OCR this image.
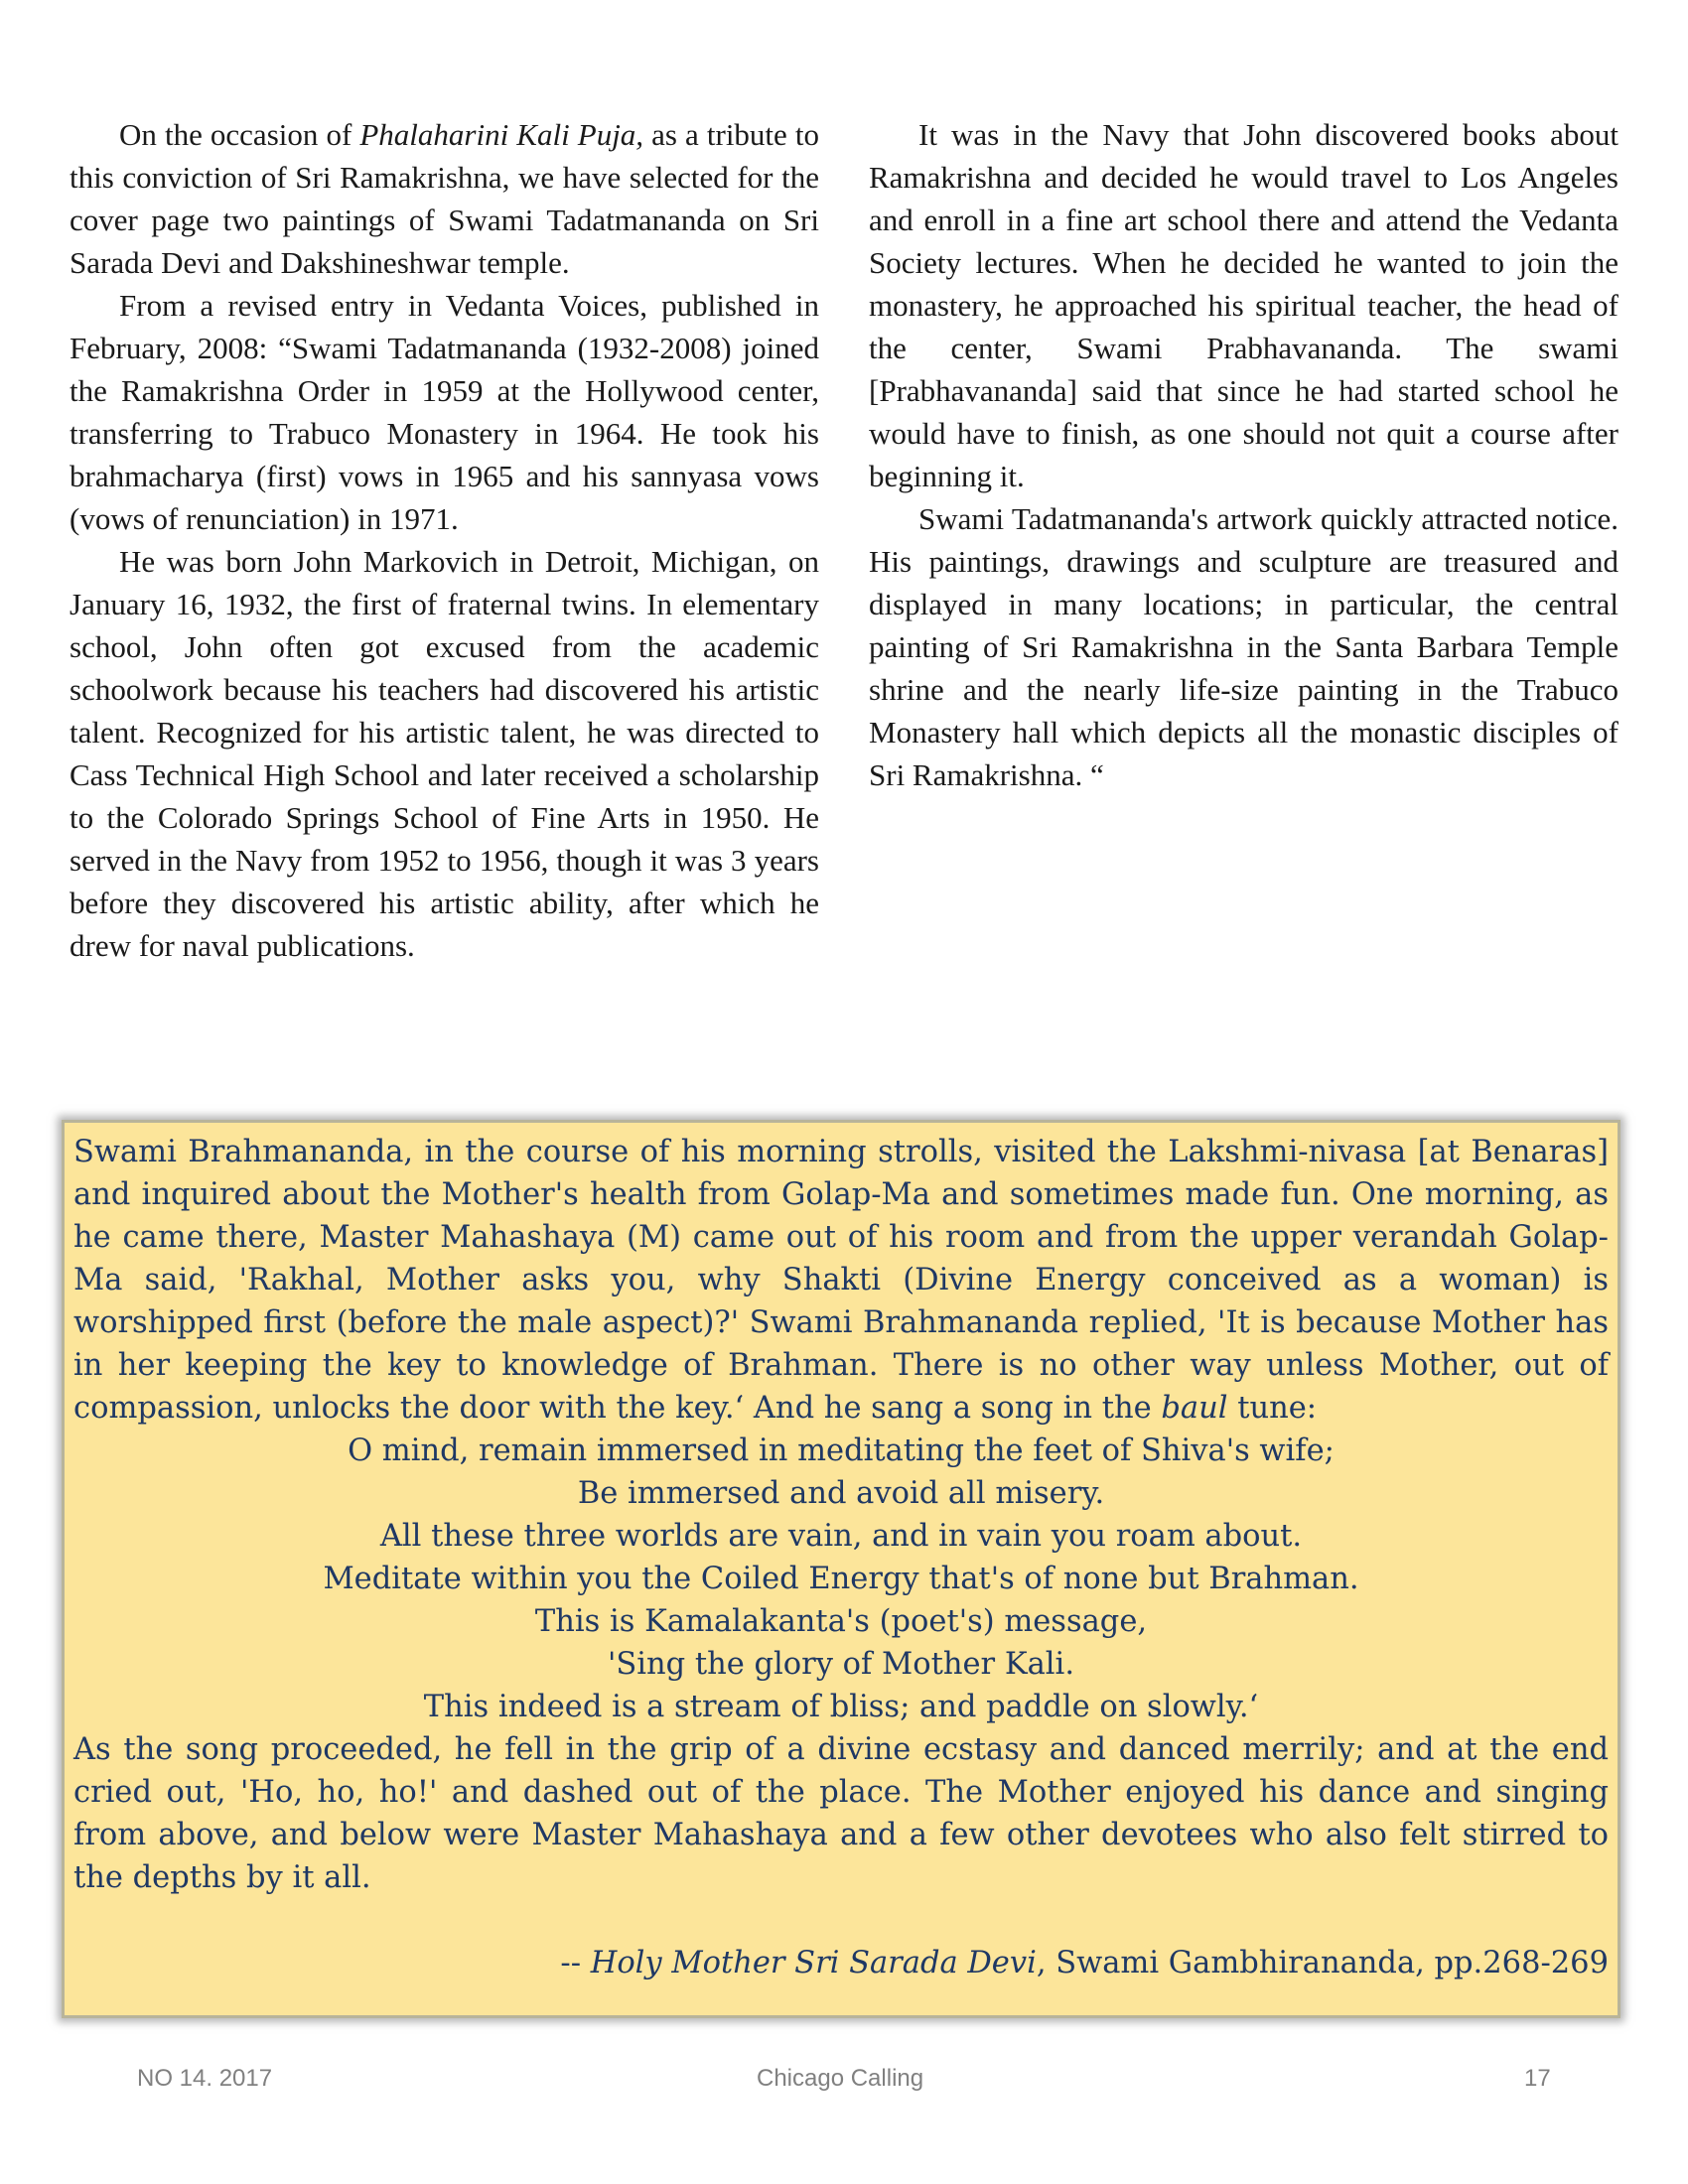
On the occasion of Phalaharini Kali Puja, as a tribute to this conviction of Sri Ramakrishna, we have selected for the cover page two paintings of Swami Tadatmananda on Sri Sarada Devi and Dakshineshwar temple.

From a revised entry in Vedanta Voices, published in February, 2008: “Swami Tadatmananda (1932-2008) joined the Ramakrishna Order in 1959 at the Hollywood center, transferring to Trabuco Monastery in 1964. He took his brahmacharya (first) vows in 1965 and his sannyasa vows (vows of renunciation) in 1971.

He was born John Markovich in Detroit, Michigan, on January 16, 1932, the first of fraternal twins. In elementary school, John often got excused from the academic schoolwork because his teachers had discovered his artistic talent. Recognized for his artistic talent, he was directed to Cass Technical High School and later received a scholarship to the Colorado Springs School of Fine Arts in 1950. He served in the Navy from 1952 to 1956, though it was 3 years before they discovered his artistic ability, after which he drew for naval publications.

It was in the Navy that John discovered books about Ramakrishna and decided he would travel to Los Angeles and enroll in a fine art school there and attend the Vedanta Society lectures. When he decided he wanted to join the monastery, he approached his spiritual teacher, the head of the center, Swami Prabhavananda. The swami [Prabhavananda] said that since he had started school he would have to finish, as one should not quit a course after beginning it.

Swami Tadatmananda's artwork quickly attracted notice. His paintings, drawings and sculpture are treasured and displayed in many locations; in particular, the central painting of Sri Ramakrishna in the Santa Barbara Temple shrine and the nearly life-size painting in the Trabuco Monastery hall which depicts all the monastic disciples of Sri Ramakrishna. “

Swami Brahmananda, in the course of his morning strolls, visited the Lakshmi-nivasa [at Benaras] and inquired about the Mother's health from Golap-Ma and sometimes made fun. One morning, as he came there, Master Mahashaya (M) came out of his room and from the upper verandah Golap-Ma said, 'Rakhal, Mother asks you, why Shakti (Divine Energy conceived as a woman) is worshipped first (before the male aspect)?' Swami Brahmananda replied, 'It is because Mother has in her keeping the key to knowledge of Brahman. There is no other way unless Mother, out of compassion, unlocks the door with the key.‘ And he sang a song in the baul tune:

O mind, remain immersed in meditating the feet of Shiva's wife;
Be immersed and avoid all misery.
All these three worlds are vain, and in vain you roam about.
Meditate within you the Coiled Energy that's of none but Brahman.
This is Kamalakanta's (poet's) message,
'Sing the glory of Mother Kali.
This indeed is a stream of bliss; and paddle on slowly.‘

As the song proceeded, he fell in the grip of a divine ecstasy and danced merrily; and at the end cried out, 'Ho, ho, ho!' and dashed out of the place. The Mother enjoyed his dance and singing from above, and below were Master Mahashaya and a few other devotees who also felt stirred to the depths by it all.

-- Holy Mother Sri Sarada Devi, Swami Gambhirananda, pp.268-269

NO 14. 2017	Chicago Calling	17
